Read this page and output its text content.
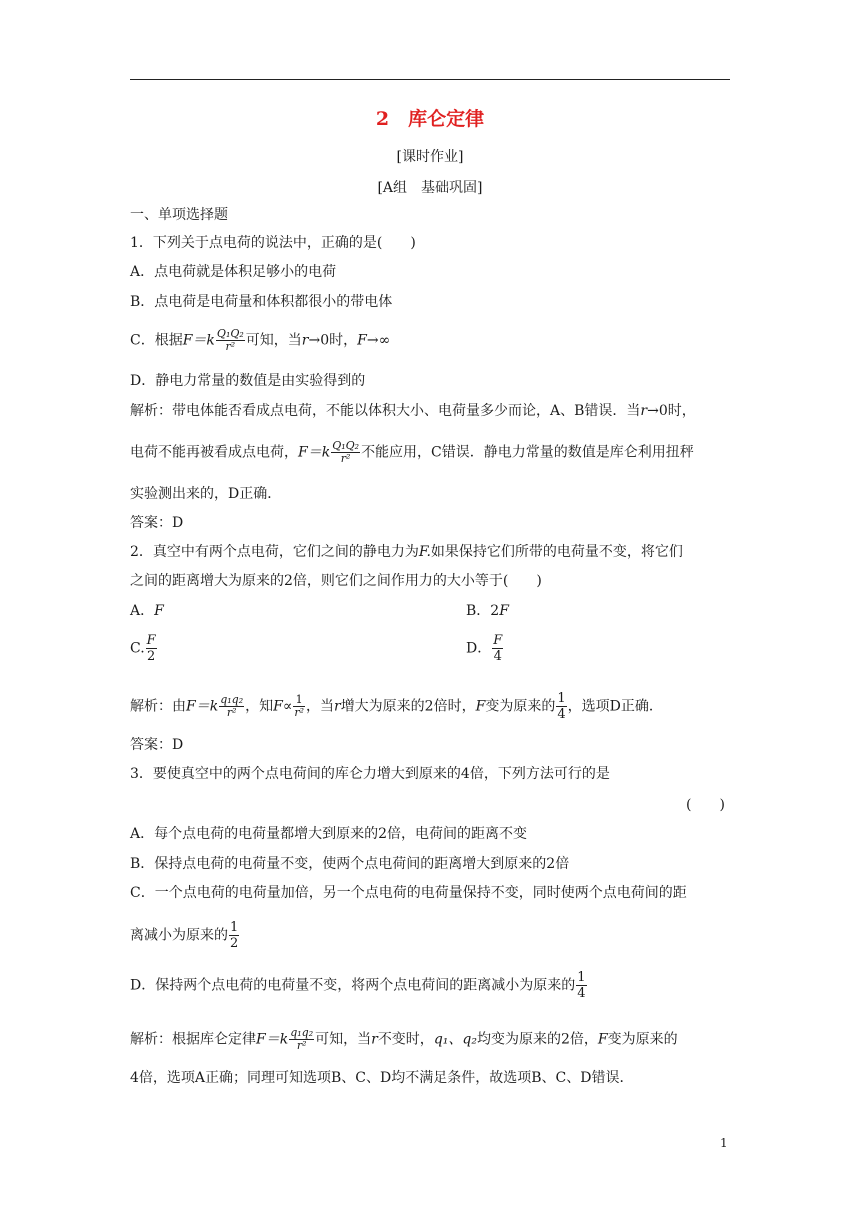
2　库仑定律
[课时作业]
[A组　基础巩固]
一、单项选择题
1．下列关于点电荷的说法中，正确的是(　　)
A．点电荷就是体积足够小的电荷
B．点电荷是电荷量和体积都很小的带电体
C．根据$F=k \frac{\text{Q₁Q₂}}{\text{r²}}$ 可知，当r→0时，F→∞
D．静电力常量的数值是由实验得到的
解析：带电体能否看成点电荷，不能以体积大小、电荷量多少而论，A、B错误．当r→0时，
电荷不能再被看成点电荷，$F=k \frac{\text{Q₁Q₂}}{\text{r²}}$ 不能应用，C错误．静电力常量的数值是库仑利用扭秤
实验测出来的，D正确．
答案：D
2．真空中有两个点电荷，它们之间的静电力为F.如果保持它们所带的电荷量不变，将它们
之间的距离增大为原来的2倍，则它们之间作用力的大小等于(　　)
A．F	B．2F
C. $\frac{F}{2}$	D． $\frac{F}{4}$
解析：由$F=k \frac{\text{q₁q₂}}{\text{r²}}$ ，知$F\propto \frac{1}{\text{r²}}$ ，当r增大为原来的2倍时，F变为原来的 $\frac{1}{4}$ ，选项D正确．
答案：D
3．要使真空中的两个点电荷间的库仑力增大到原来的4倍，下列方法可行的是
(　　)
A．每个点电荷的电荷量都增大到原来的2倍，电荷间的距离不变
B．保持点电荷的电荷量不变，使两个点电荷间的距离增大到原来的2倍
C．一个点电荷的电荷量加倍，另一个点电荷的电荷量保持不变，同时使两个点电荷间的距
离减小为原来的 $\frac{1}{2}$
D．保持两个点电荷的电荷量不变，将两个点电荷间的距离减小为原来的 $\frac{1}{4}$
解析：根据库仑定律$F=k \frac{\text{q₁q₂}}{\text{r²}}$ 可知，当r不变时，q₁、q₂均变为原来的2倍，F变为原来的
4倍，选项A正确；同理可知选项B、C、D均不满足条件，故选项B、C、D错误．
1
